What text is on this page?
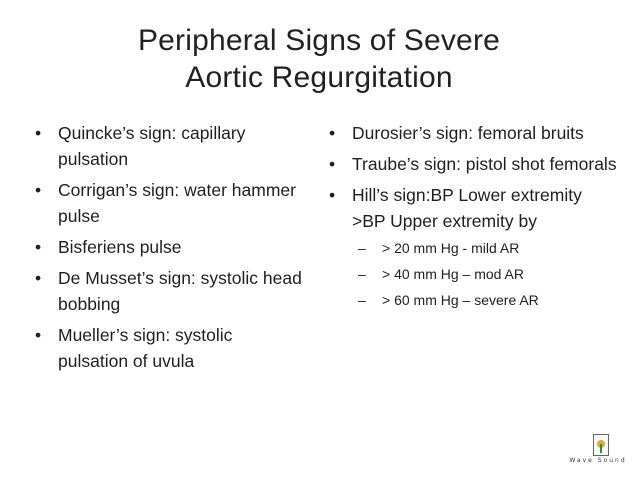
Peripheral Signs of Severe
Aortic Regurgitation
• Quincke’s sign: capillary pulsation
• Corrigan’s sign: water hammer pulse
• Bisferiens pulse
• De Musset’s sign: systolic head bobbing
• Mueller’s sign: systolic pulsation of uvula
• Durosier’s sign: femoral bruits
• Traube’s sign: pistol shot femorals
• Hill’s sign:BP Lower extremity >BP Upper extremity by
– > 20 mm Hg - mild AR
– > 40 mm Hg – mod AR
– > 60 mm Hg – severe AR
Wave Sound
